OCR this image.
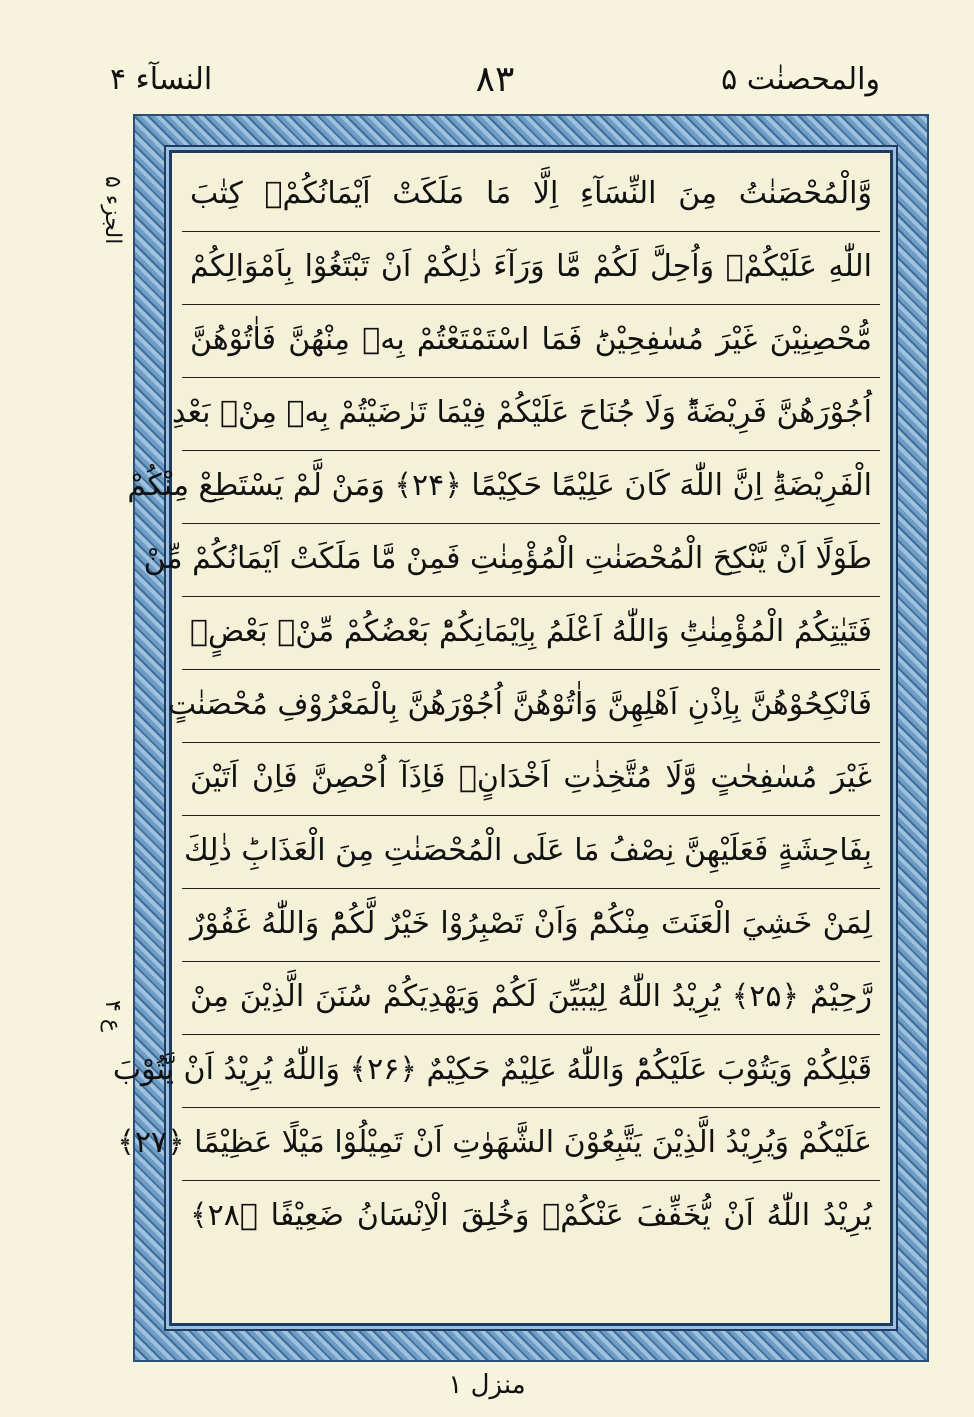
النسآء ۴	۸۳	والمحصنٰت ۵
الجزء ۵
ع ۴
وَّالْمُحْصَنٰتُ مِنَ النِّسَآءِ اِلَّا مَا مَلَكَتْ اَيْمَانُكُمْۚ كِتٰبَ
اللّٰهِ عَلَيْكُمْۚ وَاُحِلَّ لَكُمْ مَّا وَرَآءَ ذٰلِكُمْ اَنْ تَبْتَغُوْا بِاَمْوَالِكُمْ
مُّحْصِنِيْنَ غَيْرَ مُسٰفِحِيْنَؕ فَمَا اسْتَمْتَعْتُمْ بِهٖ مِنْهُنَّ فَاٰتُوْهُنَّ
اُجُوْرَهُنَّ فَرِيْضَةًؕ وَلَا جُنَاحَ عَلَيْكُمْ فِيْمَا تَرٰضَيْتُمْ بِهٖ مِنْۢ بَعْدِ
الْفَرِيْضَةِؕ اِنَّ اللّٰهَ كَانَ عَلِيْمًا حَكِيْمًا ﴿۲۴﴾ وَمَنْ لَّمْ يَسْتَطِعْ مِنْكُمْ
طَوْلًا اَنْ يَّنْكِحَ الْمُحْصَنٰتِ الْمُؤْمِنٰتِ فَمِنْ مَّا مَلَكَتْ اَيْمَانُكُمْ مِّنْ
فَتَيٰتِكُمُ الْمُؤْمِنٰتِؕ وَاللّٰهُ اَعْلَمُ بِاِيْمَانِكُمْؕ بَعْضُكُمْ مِّنْۢ بَعْضٍۚ
فَانْكِحُوْهُنَّ بِاِذْنِ اَهْلِهِنَّ وَاٰتُوْهُنَّ اُجُوْرَهُنَّ بِالْمَعْرُوْفِ مُحْصَنٰتٍ
غَيْرَ مُسٰفِحٰتٍ وَّلَا مُتَّخِذٰتِ اَخْدَانٍۚ فَاِذَآ اُحْصِنَّ فَاِنْ اَتَيْنَ
بِفَاحِشَةٍ فَعَلَيْهِنَّ نِصْفُ مَا عَلَى الْمُحْصَنٰتِ مِنَ الْعَذَابِؕ ذٰلِكَ
لِمَنْ خَشِيَ الْعَنَتَ مِنْكُمْؕ وَاَنْ تَصْبِرُوْا خَيْرٌ لَّكُمْؕ وَاللّٰهُ غَفُوْرٌ
رَّحِيْمٌ ﴿۲۵﴾ يُرِيْدُ اللّٰهُ لِيُبَيِّنَ لَكُمْ وَيَهْدِيَكُمْ سُنَنَ الَّذِيْنَ مِنْ
قَبْلِكُمْ وَيَتُوْبَ عَلَيْكُمْؕ وَاللّٰهُ عَلِيْمٌ حَكِيْمٌ ﴿۲۶﴾ وَاللّٰهُ يُرِيْدُ اَنْ يَّتُوْبَ
عَلَيْكُمْ وَيُرِيْدُ الَّذِيْنَ يَتَّبِعُوْنَ الشَّهَوٰتِ اَنْ تَمِيْلُوْا مَيْلًا عَظِيْمًا ﴿۲۷﴾
يُرِيْدُ اللّٰهُ اَنْ يُّخَفِّفَ عَنْكُمْۚ وَخُلِقَ الْاِنْسَانُ ضَعِيْفًا ﴿۲۸﴾
منزل ۱
